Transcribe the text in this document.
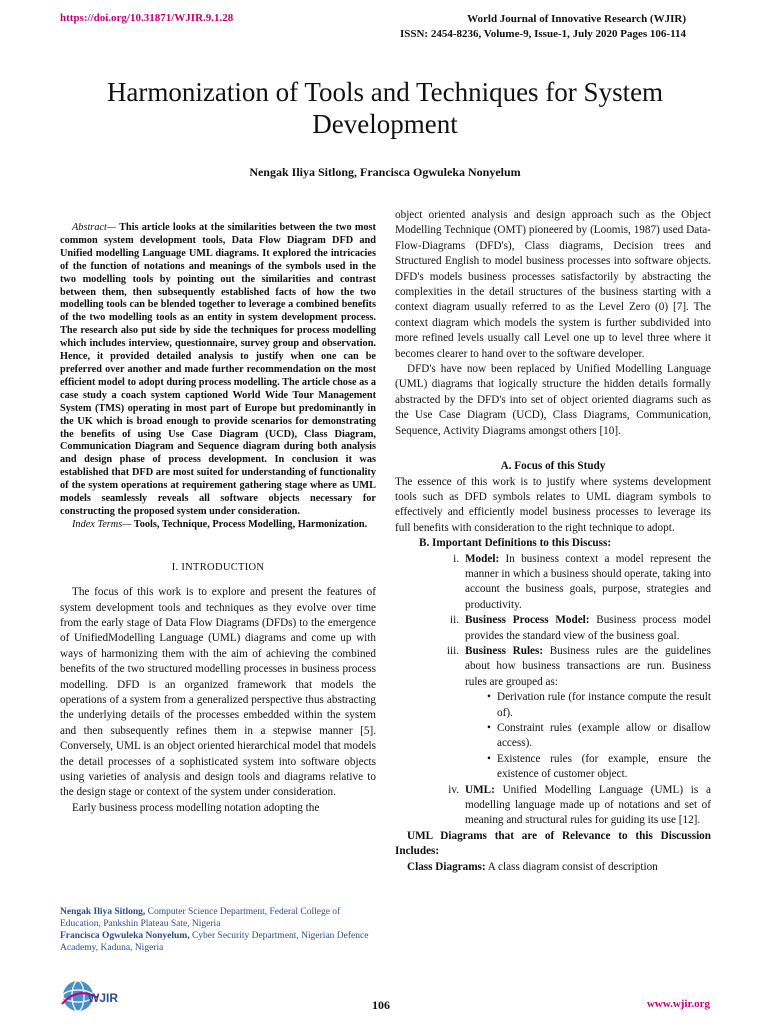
https://doi.org/10.31871/WJIR.9.1.28	World Journal of Innovative Research (WJIR)
ISSN: 2454-8236, Volume-9, Issue-1, July 2020 Pages 106-114
Harmonization of Tools and Techniques for System
Development
Nengak Iliya Sitlong, Francisca Ogwuleka Nonyelum

Abstract— This article looks at the similarities between the two most common system development tools, Data Flow Diagram DFD and Unified modelling Language UML diagrams. It explored the intricacies of the function of notations and meanings of the symbols used in the two modelling tools by pointing out the similarities and contrast between them, then subsequently established facts of how the two modelling tools can be blended together to leverage a combined benefits of the two modelling tools as an entity in system development process. The research also put side by side the techniques for process modelling which includes interview, questionnaire, survey group and observation. Hence, it provided detailed analysis to justify when one can be preferred over another and made further recommendation on the most efficient model to adopt during process modelling. The article chose as a case study a coach system captioned World Wide Tour Management System (TMS) operating in most part of Europe but predominantly in the UK which is broad enough to provide scenarios for demonstrating the benefits of using Use Case Diagram (UCD), Class Diagram, Communication Diagram and Sequence diagram during both analysis and design phase of process development. In conclusion it was established that DFD are most suited for understanding of functionality of the system operations at requirement gathering stage where as UML models seamlessly reveals all software objects necessary for constructing the proposed system under consideration.

Index Terms— Tools, Technique, Process Modelling, Harmonization.

I. INTRODUCTION

The focus of this work is to explore and present the features of system development tools and techniques as they evolve over time from the early stage of Data Flow Diagrams (DFDs) to the emergence of UnifiedModelling Language (UML) diagrams and come up with ways of harmonizing them with the aim of achieving the combined benefits of the two structured modelling processes in business process modelling. DFD is an organized framework that models the operations of a system from a generalized perspective thus abstracting the underlying details of the processes embedded within the system and then subsequently refines them in a stepwise manner [5]. Conversely, UML is an object oriented hierarchical model that models the detail processes of a sophisticated system into software objects using varieties of analysis and design tools and diagrams relative to the design stage or context of the system under consideration.

Early business process modelling notation adopting the

Nengak Iliya Sitlong, Computer Science Department, Federal College of Education, Pankshin Plateau Sate, Nigeria
Francisca Ogwuleka Nonyelum, Cyber Security Department, Nigerian Defence Academy, Kaduna, Nigeria

object oriented analysis and design approach such as the Object Modelling Technique (OMT) pioneered by (Loomis, 1987) used Data-Flow-Diagrams (DFD's), Class diagrams, Decision trees and Structured English to model business processes into software objects. DFD's models business processes satisfactorily by abstracting the complexities in the detail structures of the business starting with a context diagram usually referred to as the Level Zero (0) [7]. The context diagram which models the system is further subdivided into more refined levels usually call Level one up to level three where it becomes clearer to hand over to the software developer.

DFD's have now been replaced by Unified Modelling Language (UML) diagrams that logically structure the hidden details formally abstracted by the DFD's into set of object oriented diagrams such as the Use Case Diagram (UCD), Class Diagrams, Communication, Sequence, Activity Diagrams amongst others [10].

A. Focus of this Study

The essence of this work is to justify where systems development tools such as DFD symbols relates to UML diagram symbols to effectively and efficiently model business processes to leverage its full benefits with consideration to the right technique to adopt.

B. Important Definitions to this Discuss:
i. Model: In business context a model represent the manner in which a business should operate, taking into account the business goals, purpose, strategies and productivity.
ii. Business Process Model: Business process model provides the standard view of the business goal.
iii. Business Rules: Business rules are the guidelines about how business transactions are run. Business rules are grouped as:
• Derivation rule (for instance compute the result of).
• Constraint rules (example allow or disallow access).
• Existence rules (for example, ensure the existence of customer object.
iv. UML: Unified Modelling Language (UML) is a modelling language made up of notations and set of meaning and structural rules for guiding its use [12].

UML Diagrams that are of Relevance to this Discussion Includes:

Class Diagrams: A class diagram consist of description

WJIR	106	www.wjir.org
